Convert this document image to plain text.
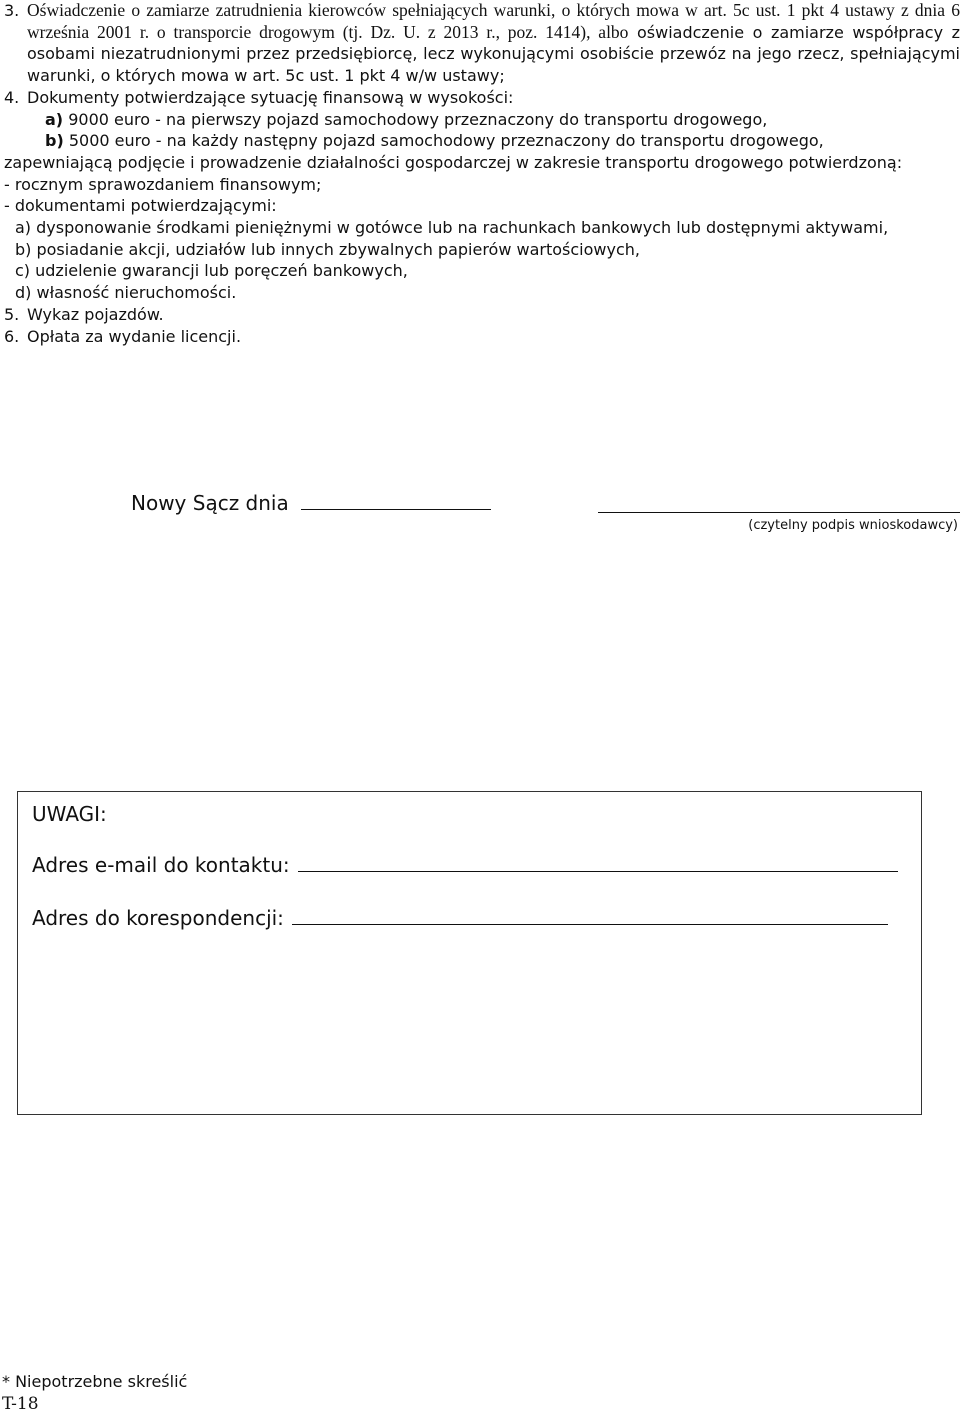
3. Oświadczenie o zamiarze zatrudnienia kierowców spełniających warunki, o których mowa w art. 5c ust. 1 pkt 4 ustawy z dnia 6 września 2001 r. o transporcie drogowym (tj. Dz. U. z 2013 r., poz. 1414), albo oświadczenie o zamiarze współpracy z osobami niezatrudnionymi przez przedsiębiorcę, lecz wykonującymi osobiście przewóz na jego rzecz, spełniającymi warunki, o których mowa w art. 5c ust. 1 pkt 4 w/w ustawy;
4. Dokumenty potwierdzające sytuację finansową w wysokości:
a) 9000 euro - na pierwszy pojazd samochodowy przeznaczony do transportu drogowego,
b) 5000 euro - na każdy następny pojazd samochodowy przeznaczony do transportu drogowego,
zapewniającą podjęcie i prowadzenie działalności gospodarczej w zakresie transportu drogowego potwierdzoną:
- rocznym sprawozdaniem finansowym;
- dokumentami potwierdzającymi:
a) dysponowanie środkami pieniężnymi w gotówce lub na rachunkach bankowych lub dostępnymi aktywami,
b) posiadanie akcji, udziałów lub innych zbywalnych papierów wartościowych,
c) udzielenie gwarancji lub poręczeń bankowych,
d) własność nieruchomości.
5. Wykaz pojazdów.
6. Opłata za wydanie licencji.
Nowy Sącz dnia
(czytelny podpis wnioskodawcy)
UWAGI:
Adres e-mail do kontaktu:
Adres do korespondencji:
* Niepotrzebne skreślić
T-18
